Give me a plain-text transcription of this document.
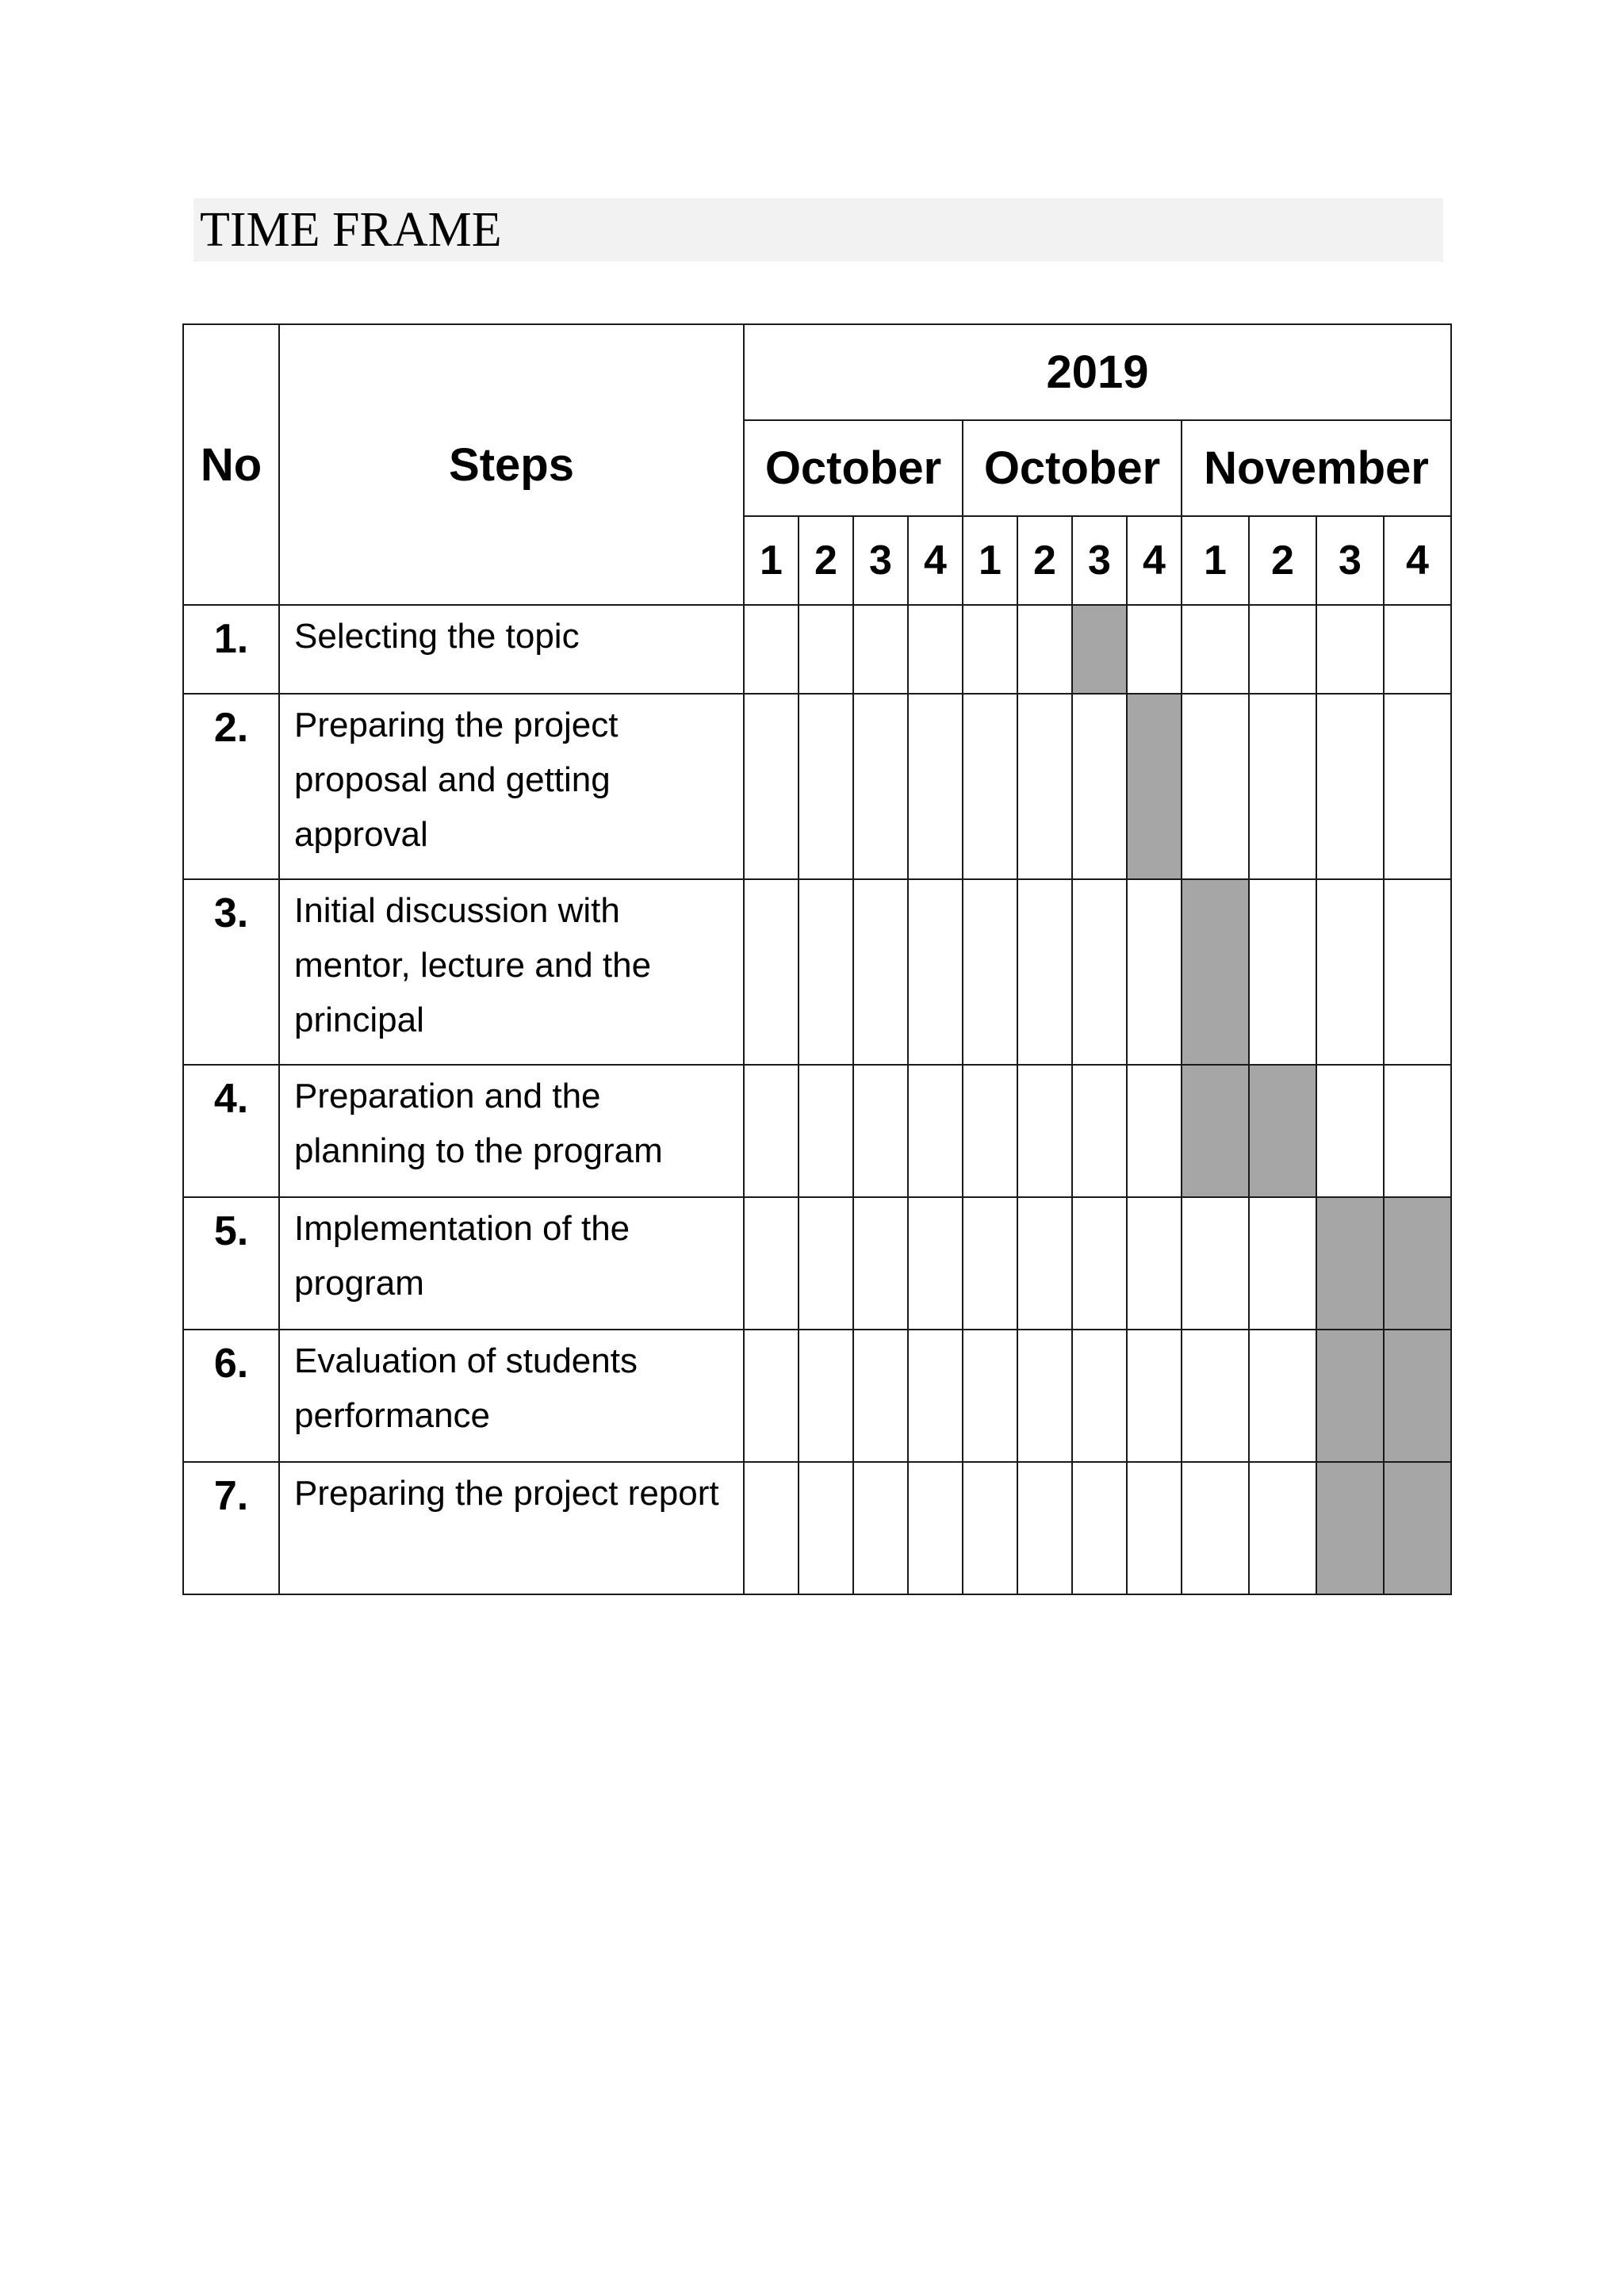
TIME FRAME
No	Steps	2019											
		October				October				November			
		1	2	3	4	1	2	3	4	1	2	3	4
1.	Selecting the topic												
2.	Preparing the project proposal and getting approval												
3.	Initial discussion with mentor, lecture and the principal												
4.	Preparation and the planning to the program												
5.	Implementation of the program												
6.	Evaluation of students performance												
7.	Preparing the project report												
